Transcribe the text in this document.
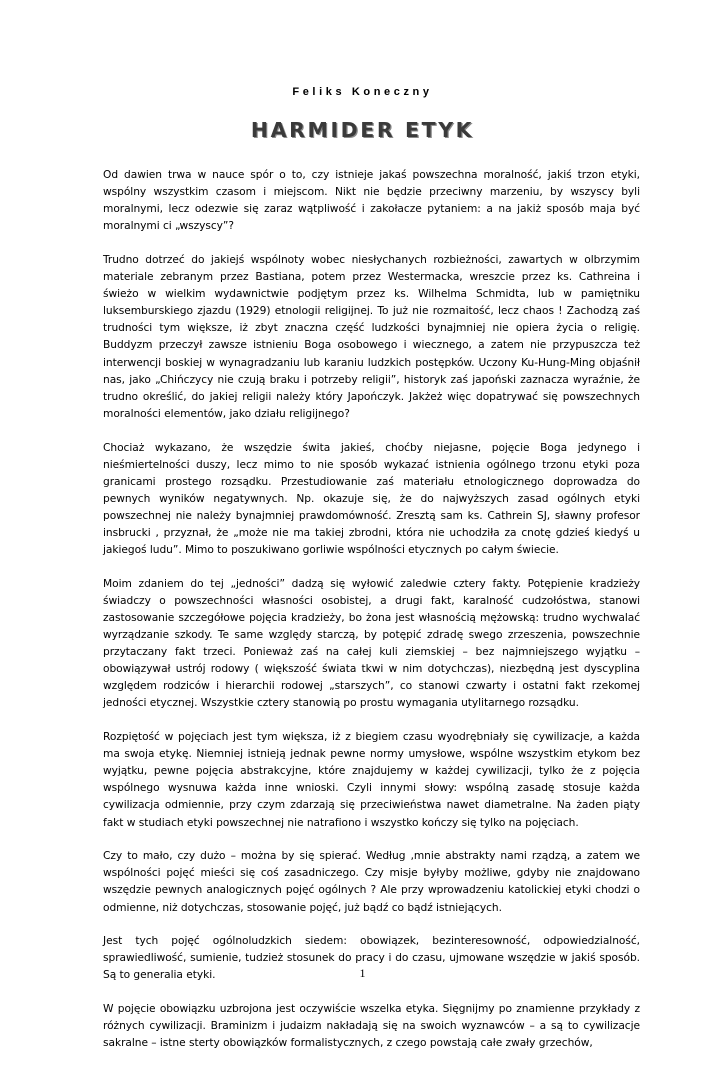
Feliks Koneczny
HARMIDER ETYK

Od dawien trwa w nauce spór o to, czy istnieje jakaś powszechna moralność, jakiś trzon etyki, wspólny wszystkim czasom i miejscom. Nikt nie będzie przeciwny marzeniu, by wszyscy byli moralnymi, lecz odezwie się zaraz wątpliwość i zakołacze pytaniem: a na jakiż sposób maja być moralnymi ci „wszyscy”?

Trudno dotrzeć do jakiejś wspólnoty wobec niesłychanych rozbieżności, zawartych w olbrzymim materiale zebranym przez Bastiana, potem przez Westermacka, wreszcie przez ks. Cathreina i świeżo w wielkim wydawnictwie podjętym przez ks. Wilhelma Schmidta, lub w pamiętniku luksemburskiego zjazdu (1929) etnologii religijnej. To już nie rozmaitość, lecz chaos ! Zachodzą zaś trudności tym większe, iż zbyt znaczna część ludzkości bynajmniej nie opiera życia o religię. Buddyzm przeczył zawsze istnieniu Boga osobowego i wiecznego, a zatem nie przypuszcza też interwencji boskiej w wynagradzaniu lub karaniu ludzkich postępków. Uczony Ku-Hung-Ming objaśnił nas, jako „Chińczycy nie czują braku i potrzeby religii”, historyk zaś japoński zaznacza wyraźnie, że trudno określić, do jakiej religii należy który Japończyk. Jakżeż więc dopatrywać się powszechnych moralności elementów, jako działu religijnego?

Chociaż wykazano, że wszędzie świta jakieś, choćby niejasne, pojęcie Boga jedynego i nieśmiertelności duszy, lecz mimo to nie sposób wykazać istnienia ogólnego trzonu etyki poza granicami prostego rozsądku. Przestudiowanie zaś materiału etnologicznego doprowadza do pewnych wyników negatywnych. Np. okazuje się, że do najwyższych zasad ogólnych etyki powszechnej nie należy bynajmniej prawdomówność. Zresztą sam ks. Cathrein SJ, sławny profesor insbrucki , przyznał, że „może nie ma takiej zbrodni, która nie uchodziła za cnotę gdzieś kiedyś u jakiegoś ludu”. Mimo to poszukiwano gorliwie wspólności etycznych po całym świecie.

Moim zdaniem do tej „jedności” dadzą się wyłowić zaledwie cztery fakty. Potępienie kradzieży świadczy o powszechności własności osobistej, a drugi fakt, karalność cudzołóstwa, stanowi zastosowanie szczegółowe pojęcia kradzieży, bo żona jest własnością mężowską: trudno wychwalać wyrządzanie szkody. Te same względy starczą, by potępić zdradę swego zrzeszenia, powszechnie przytaczany fakt trzeci. Ponieważ zaś na całej kuli ziemskiej – bez najmniejszego wyjątku – obowiązywał ustrój rodowy ( większość świata tkwi w nim dotychczas), niezbędną jest dyscyplina względem rodziców i hierarchii rodowej „starszych”, co stanowi czwarty i ostatni fakt rzekomej jedności etycznej. Wszystkie cztery stanowią po prostu wymagania utylitarnego rozsądku.

Rozpiętość w pojęciach jest tym większa, iż z biegiem czasu wyodrębniały się cywilizacje, a każda ma swoja etykę. Niemniej istnieją jednak pewne normy umysłowe, wspólne wszystkim etykom bez wyjątku, pewne pojęcia abstrakcyjne, które znajdujemy w każdej cywilizacji, tylko że z pojęcia wspólnego wysnuwa każda inne wnioski. Czyli innymi słowy: wspólną zasadę stosuje każda cywilizacja odmiennie, przy czym zdarzają się przeciwieństwa nawet diametralne. Na żaden piąty fakt w studiach etyki powszechnej nie natrafiono i wszystko kończy się tylko na pojęciach.

Czy to mało, czy dużo – można by się spierać. Według ‚mnie abstrakty nami rządzą, a zatem we wspólności pojęć mieści się coś zasadniczego. Czy misje byłyby możliwe, gdyby nie znajdowano wszędzie pewnych analogicznych pojęć ogólnych ? Ale przy wprowadzeniu katolickiej etyki chodzi o odmienne, niż dotychczas, stosowanie pojęć, już bądź co bądź istniejących.

Jest tych pojęć ogólnoludzkich siedem: obowiązek, bezinteresowność, odpowiedzialność, sprawiedliwość, sumienie, tudzież stosunek do pracy i do czasu, ujmowane wszędzie w jakiś sposób. Są to generalia etyki.

W pojęcie obowiązku uzbrojona jest oczywiście wszelka etyka. Sięgnijmy po znamienne przykłady z różnych cywilizacji. Braminizm i judaizm nakładają się na swoich wyznawców – a są to cywilizacje sakralne – istne sterty obowiązków formalistycznych, z czego powstają całe zwały grzechów,

1
